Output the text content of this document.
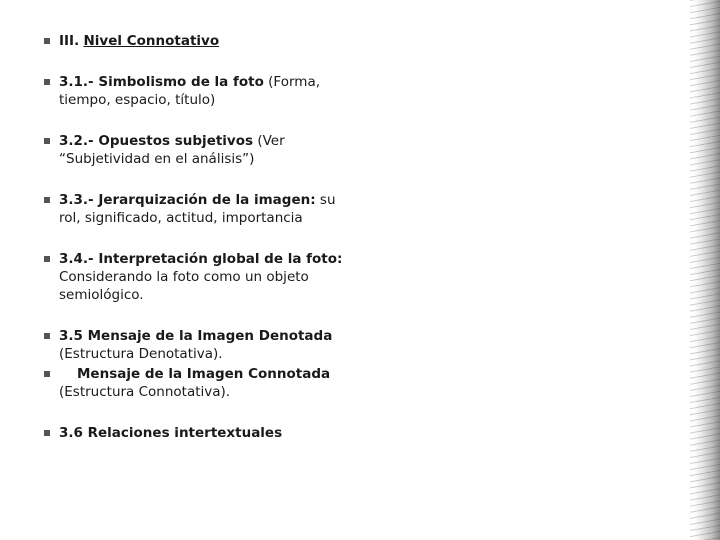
III. Nivel Connotativo

3.1.- Simbolismo de la foto (Forma, tiempo, espacio, título)

3.2.- Opuestos subjetivos (Ver “Subjetividad en el análisis”)

3.3.- Jerarquización de la imagen: su rol, significado, actitud, importancia

3.4.- Interpretación global de la foto: Considerando la foto como un objeto semiológico.

3.5 Mensaje de la Imagen Denotada (Estructura Denotativa).

Mensaje de la Imagen Connotada (Estructura Connotativa).

3.6 Relaciones intertextuales
